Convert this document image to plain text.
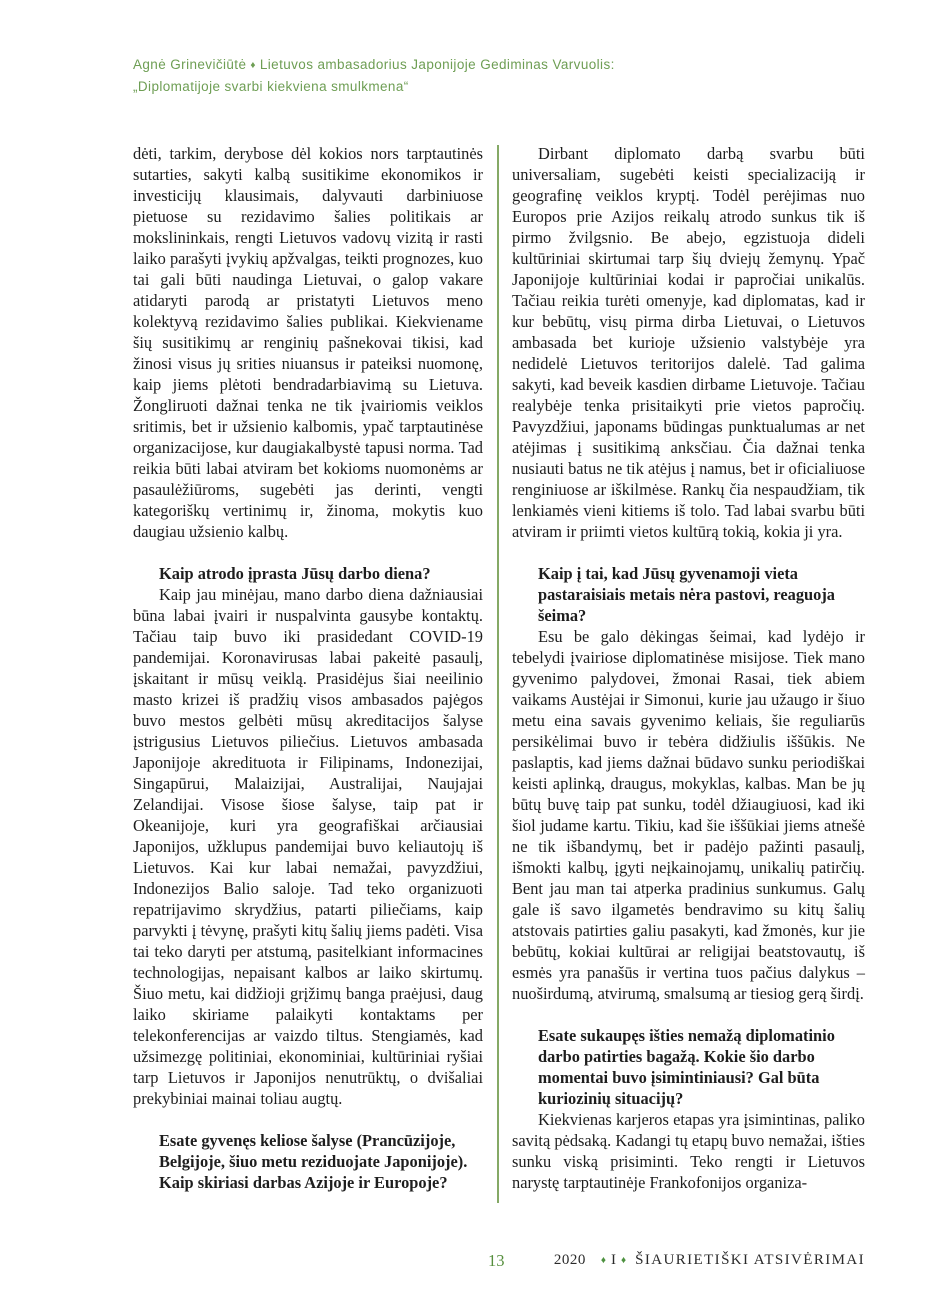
Agnė Grinevičiūtė ♦ Lietuvos ambasadorius Japonijoje Gediminas Varvuolis:
„Diplomatijoje svarbi kiekviena smulkmena“

dėti, tarkim, derybose dėl kokios nors tarptautinės sutarties, sakyti kalbą susitikime ekonomikos ir investicijų klausimais, dalyvauti darbiniuose pietuose su rezidavimo šalies politikais ar mokslininkais, rengti Lietuvos vadovų vizitą ir rasti laiko parašyti įvykių apžvalgas, teikti prognozes, kuo tai gali būti naudinga Lietuvai, o galop vakare atidaryti parodą ar pristatyti Lietuvos meno kolektyvą rezidavimo šalies publikai. Kiekviename šių susitikimų ar renginių pašnekovai tikisi, kad žinosi visus jų srities niuansus ir pateiksi nuomonę, kaip jiems plėtoti bendradarbiavimą su Lietuva. Žongliruoti dažnai tenka ne tik įvairiomis veiklos sritimis, bet ir užsienio kalbomis, ypač tarptautinėse organizacijose, kur daugiakalbystė tapusi norma. Tad reikia būti labai atviram bet kokioms nuomonėms ar pasaulėžiūroms, sugebėti jas derinti, vengti kategoriškų vertinimų ir, žinoma, mokytis kuo daugiau užsienio kalbų.

Kaip atrodo įprasta Jūsų darbo diena?

Kaip jau minėjau, mano darbo diena dažniausiai būna labai įvairi ir nuspalvinta gausybe kontaktų. Tačiau taip buvo iki prasidedant COVID-19 pandemijai. Koronavirusas labai pakeitė pasaulį, įskaitant ir mūsų veiklą. Prasidėjus šiai neeilinio masto krizei iš pradžių visos ambasados pajėgos buvo mestos gelbėti mūsų akreditacijos šalyse įstrigusius Lietuvos piliečius. Lietuvos ambasada Japonijoje akredituota ir Filipinams, Indonezijai, Singapūrui, Malaizijai, Australijai, Naujajai Zelandijai. Visose šiose šalyse, taip pat ir Okeanijoje, kuri yra geografiškai arčiausiai Japonijos, užklupus pandemijai buvo keliautojų iš Lietuvos. Kai kur labai nemažai, pavyzdžiui, Indonezijos Balio saloje. Tad teko organizuoti repatrijavimo skrydžius, patarti piliečiams, kaip parvykti į tėvynę, prašyti kitų šalių jiems padėti. Visa tai teko daryti per atstumą, pasitelkiant informacines technologijas, nepaisant kalbos ar laiko skirtumų. Šiuo metu, kai didžioji grįžimų banga praėjusi, daug laiko skiriame palaikyti kontaktams per telekonferencijas ar vaizdo tiltus. Stengiamės, kad užsimezgę politiniai, ekonominiai, kultūriniai ryšiai tarp Lietuvos ir Japonijos nenutrūktų, o dvišaliai prekybiniai mainai toliau augtų.

Esate gyvenęs keliose šalyse (Prancūzijoje, Belgijoje, šiuo metu reziduojate Japonijoje). Kaip skiriasi darbas Azijoje ir Europoje?

Dirbant diplomato darbą svarbu būti universaliam, sugebėti keisti specializaciją ir geografinę veiklos kryptį. Todėl perėjimas nuo Europos prie Azijos reikalų atrodo sunkus tik iš pirmo žvilgsnio. Be abejo, egzistuoja dideli kultūriniai skirtumai tarp šių dviejų žemynų. Ypač Japonijoje kultūriniai kodai ir papročiai unikalūs. Tačiau reikia turėti omenyje, kad diplomatas, kad ir kur bebūtų, visų pirma dirba Lietuvai, o Lietuvos ambasada bet kurioje užsienio valstybėje yra nedidelė Lietuvos teritorijos dalelė. Tad galima sakyti, kad beveik kasdien dirbame Lietuvoje. Tačiau realybėje tenka prisitaikyti prie vietos papročių. Pavyzdžiui, japonams būdingas punktualumas ar net atėjimas į susitikimą anksčiau. Čia dažnai tenka nusiauti batus ne tik atėjus į namus, bet ir oficialiuose renginiuose ar iškilmėse. Rankų čia nespaudžiam, tik lenkiamės vieni kitiems iš tolo. Tad labai svarbu būti atviram ir priimti vietos kultūrą tokią, kokia ji yra.

Kaip į tai, kad Jūsų gyvenamoji vieta pastaraisiais metais nėra pastovi, reaguoja šeima?

Esu be galo dėkingas šeimai, kad lydėjo ir tebelydi įvairiose diplomatinėse misijose. Tiek mano gyvenimo palydovei, žmonai Rasai, tiek abiem vaikams Austėjai ir Simonui, kurie jau užaugo ir šiuo metu eina savais gyvenimo keliais, šie reguliarūs persikėlimai buvo ir tebėra didžiulis iššūkis. Ne paslaptis, kad jiems dažnai būdavo sunku periodiškai keisti aplinką, draugus, mokyklas, kalbas. Man be jų būtų buvę taip pat sunku, todėl džiaugiuosi, kad iki šiol judame kartu. Tikiu, kad šie iššūkiai jiems atnešė ne tik išbandymų, bet ir padėjo pažinti pasaulį, išmokti kalbų, įgyti neįkainojamų, unikalių patirčių. Bent jau man tai atperka pradinius sunkumus. Galų gale iš savo ilgametės bendravimo su kitų šalių atstovais patirties galiu pasakyti, kad žmonės, kur jie bebūtų, kokiai kultūrai ar religijai beatstovautų, iš esmės yra panašūs ir vertina tuos pačius dalykus – nuoširdumą, atvirumą, smalsumą ar tiesiog gerą širdį.

Esate sukaupęs išties nemažą diplomatinio darbo patirties bagažą. Kokie šio darbo momentai buvo įsimintiniausi? Gal būta kuriozinių situacijų?

Kiekvienas karjeros etapas yra įsimintinas, paliko savitą pėdsaką. Kadangi tų etapų buvo nemažai, išties sunku viską prisiminti. Teko rengti ir Lietuvos narystę tarptautinėje Frankofonijos organiza-

13	2020 ♦ I ♦ ŠIAURIETIŠKI ATSIVĖRIMAI
